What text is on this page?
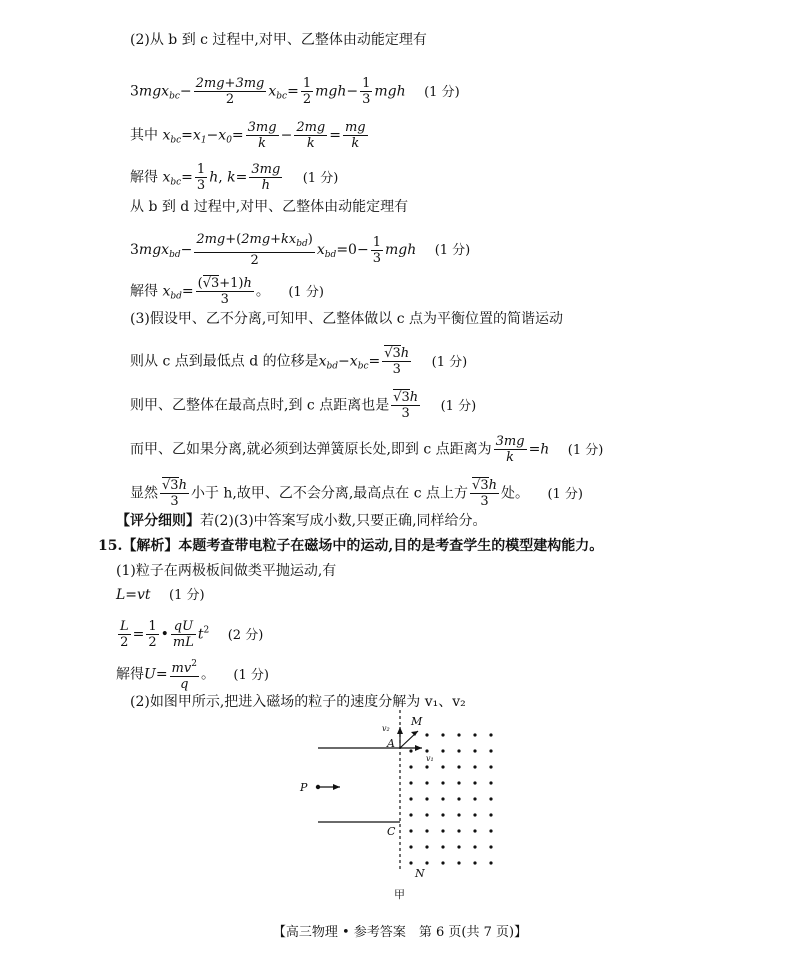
(2)从 b 到 c 过程中,对甲、乙整体由动能定理有
$3mgx_{bc}- \frac{2mg+3mg}{2} x_{bc}= \frac{1}{2} mgh- \frac{1}{3}$ mgh (1 分)
其中 $x_{bc}=x_1-x_0= \frac{3mg}{k} - \frac{2mg}{k} = \frac{mg}{k}$
解得 $x_{bc}= \frac{1}{3} h$, $k= \frac{3mg}{h} (1$ 分)
从 b 到 d 过程中,对甲、乙整体由动能定理有
$3mgx_{bd}- \frac{2mg+(2mg+kx_{bd})}{2} x_{bd}=0- \frac{1}{3}$ mgh (1 分)
解得 $x_{bd}= \frac{(√3+1)h}{3}$ 。 (1 分)
(3)假设甲、乙不分离,可知甲、乙整体做以 c 点为平衡位置的简谐运动
则从 c 点到最低点 d 的位移是$x_{bd}-x_{bc}= \frac{√3h}{3} (1$ 分)
则甲、乙整体在最高点时,到 c 点距离也是 $\frac{√3h}{3} (1$ 分)
而甲、乙如果分离,就必须到达弹簧原长处,即到 c 点距离为 $\frac{3mg}{k} =h$ (1 分)
显然 $\frac{√3h}{3}$ 小于 h,故甲、乙不会分离,最高点在 c 点上方 $\frac{√3h}{3}$ 处。 (1 分)
【评分细则】若(2)(3)中答案写成小数,只要正确,同样给分。
15.【解析】本题考查带电粒子在磁场中的运动,目的是考查学生的模型建构能力。
(1)粒子在两极板间做类平抛运动,有
L=vt (1 分)
$\frac{L}{2} = \frac{1}{2}$ • $\frac{qU}{mL} t^2$ (2 分)
解得$U= \frac{mv^2}{q}$ 。 (1 分)
(2)如图甲所示,把进入磁场的粒子的速度分解为 v₁、v₂
M
A
P
C
N
v₂
v₁
甲
【高三物理 • 参考答案　第 6 页(共 7 页)】
